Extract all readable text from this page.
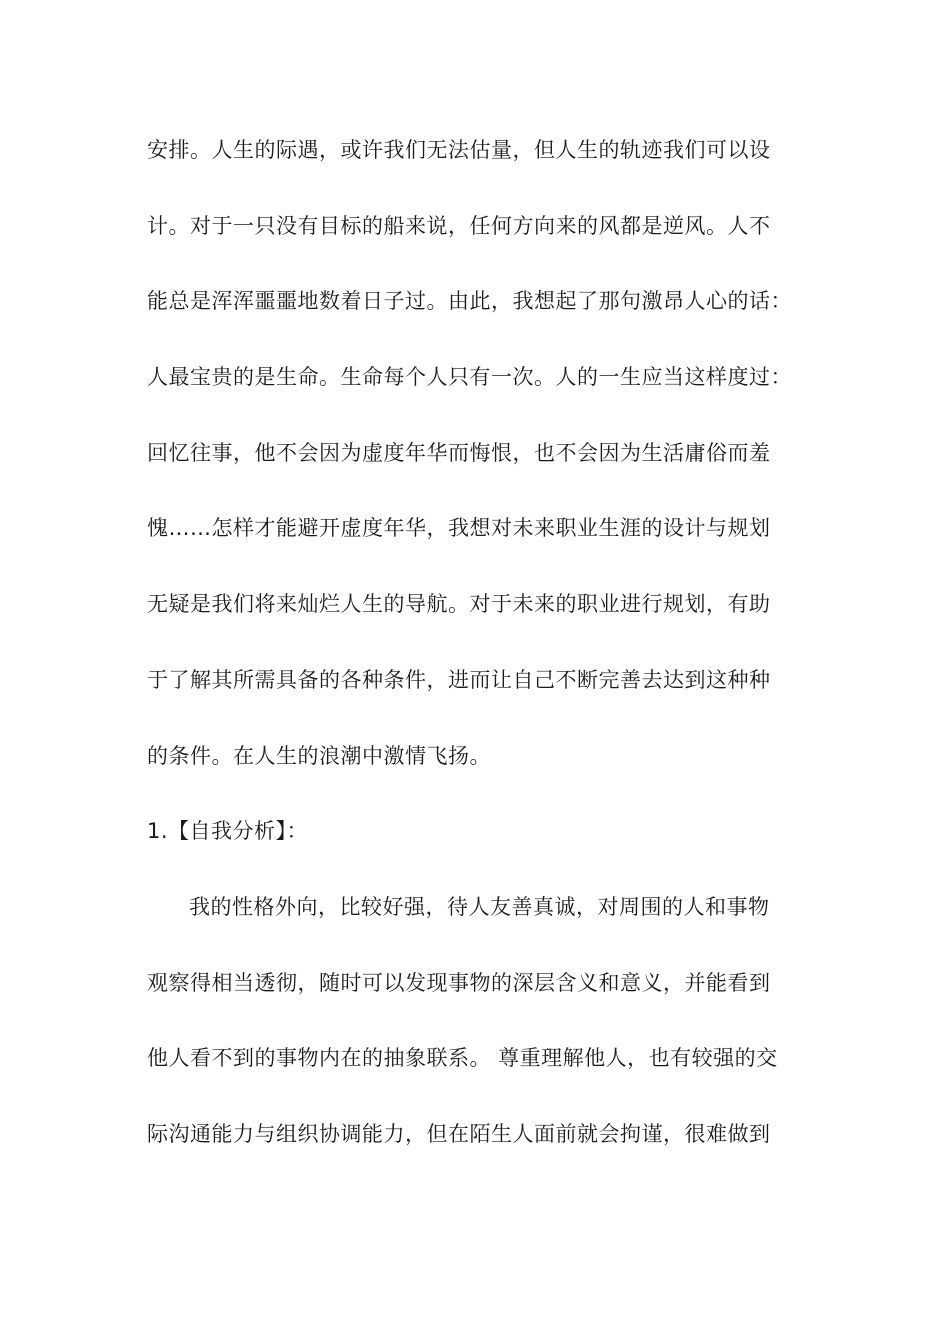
安排。人生的际遇，或许我们无法估量，但人生的轨迹我们可以设
计。对于一只没有目标的船来说，任何方向来的风都是逆风。人不
能总是浑浑噩噩地数着日子过。由此，我想起了那句激昂人心的话：
人最宝贵的是生命。生命每个人只有一次。人的一生应当这样度过：
回忆往事，他不会因为虚度年华而悔恨，也不会因为生活庸俗而羞
愧……怎样才能避开虚度年华，我想对未来职业生涯的设计与规划
无疑是我们将来灿烂人生的导航。对于未来的职业进行规划，有助
于了解其所需具备的各种条件，进而让自己不断完善去达到这种种
的条件。在人生的浪潮中激情飞扬。
1.【自我分析】：
我的性格外向，比较好强，待人友善真诚，对周围的人和事物
观察得相当透彻，随时可以发现事物的深层含义和意义，并能看到
他人看不到的事物内在的抽象联系。 尊重理解他人，也有较强的交
际沟通能力与组织协调能力，但在陌生人面前就会拘谨，很难做到
